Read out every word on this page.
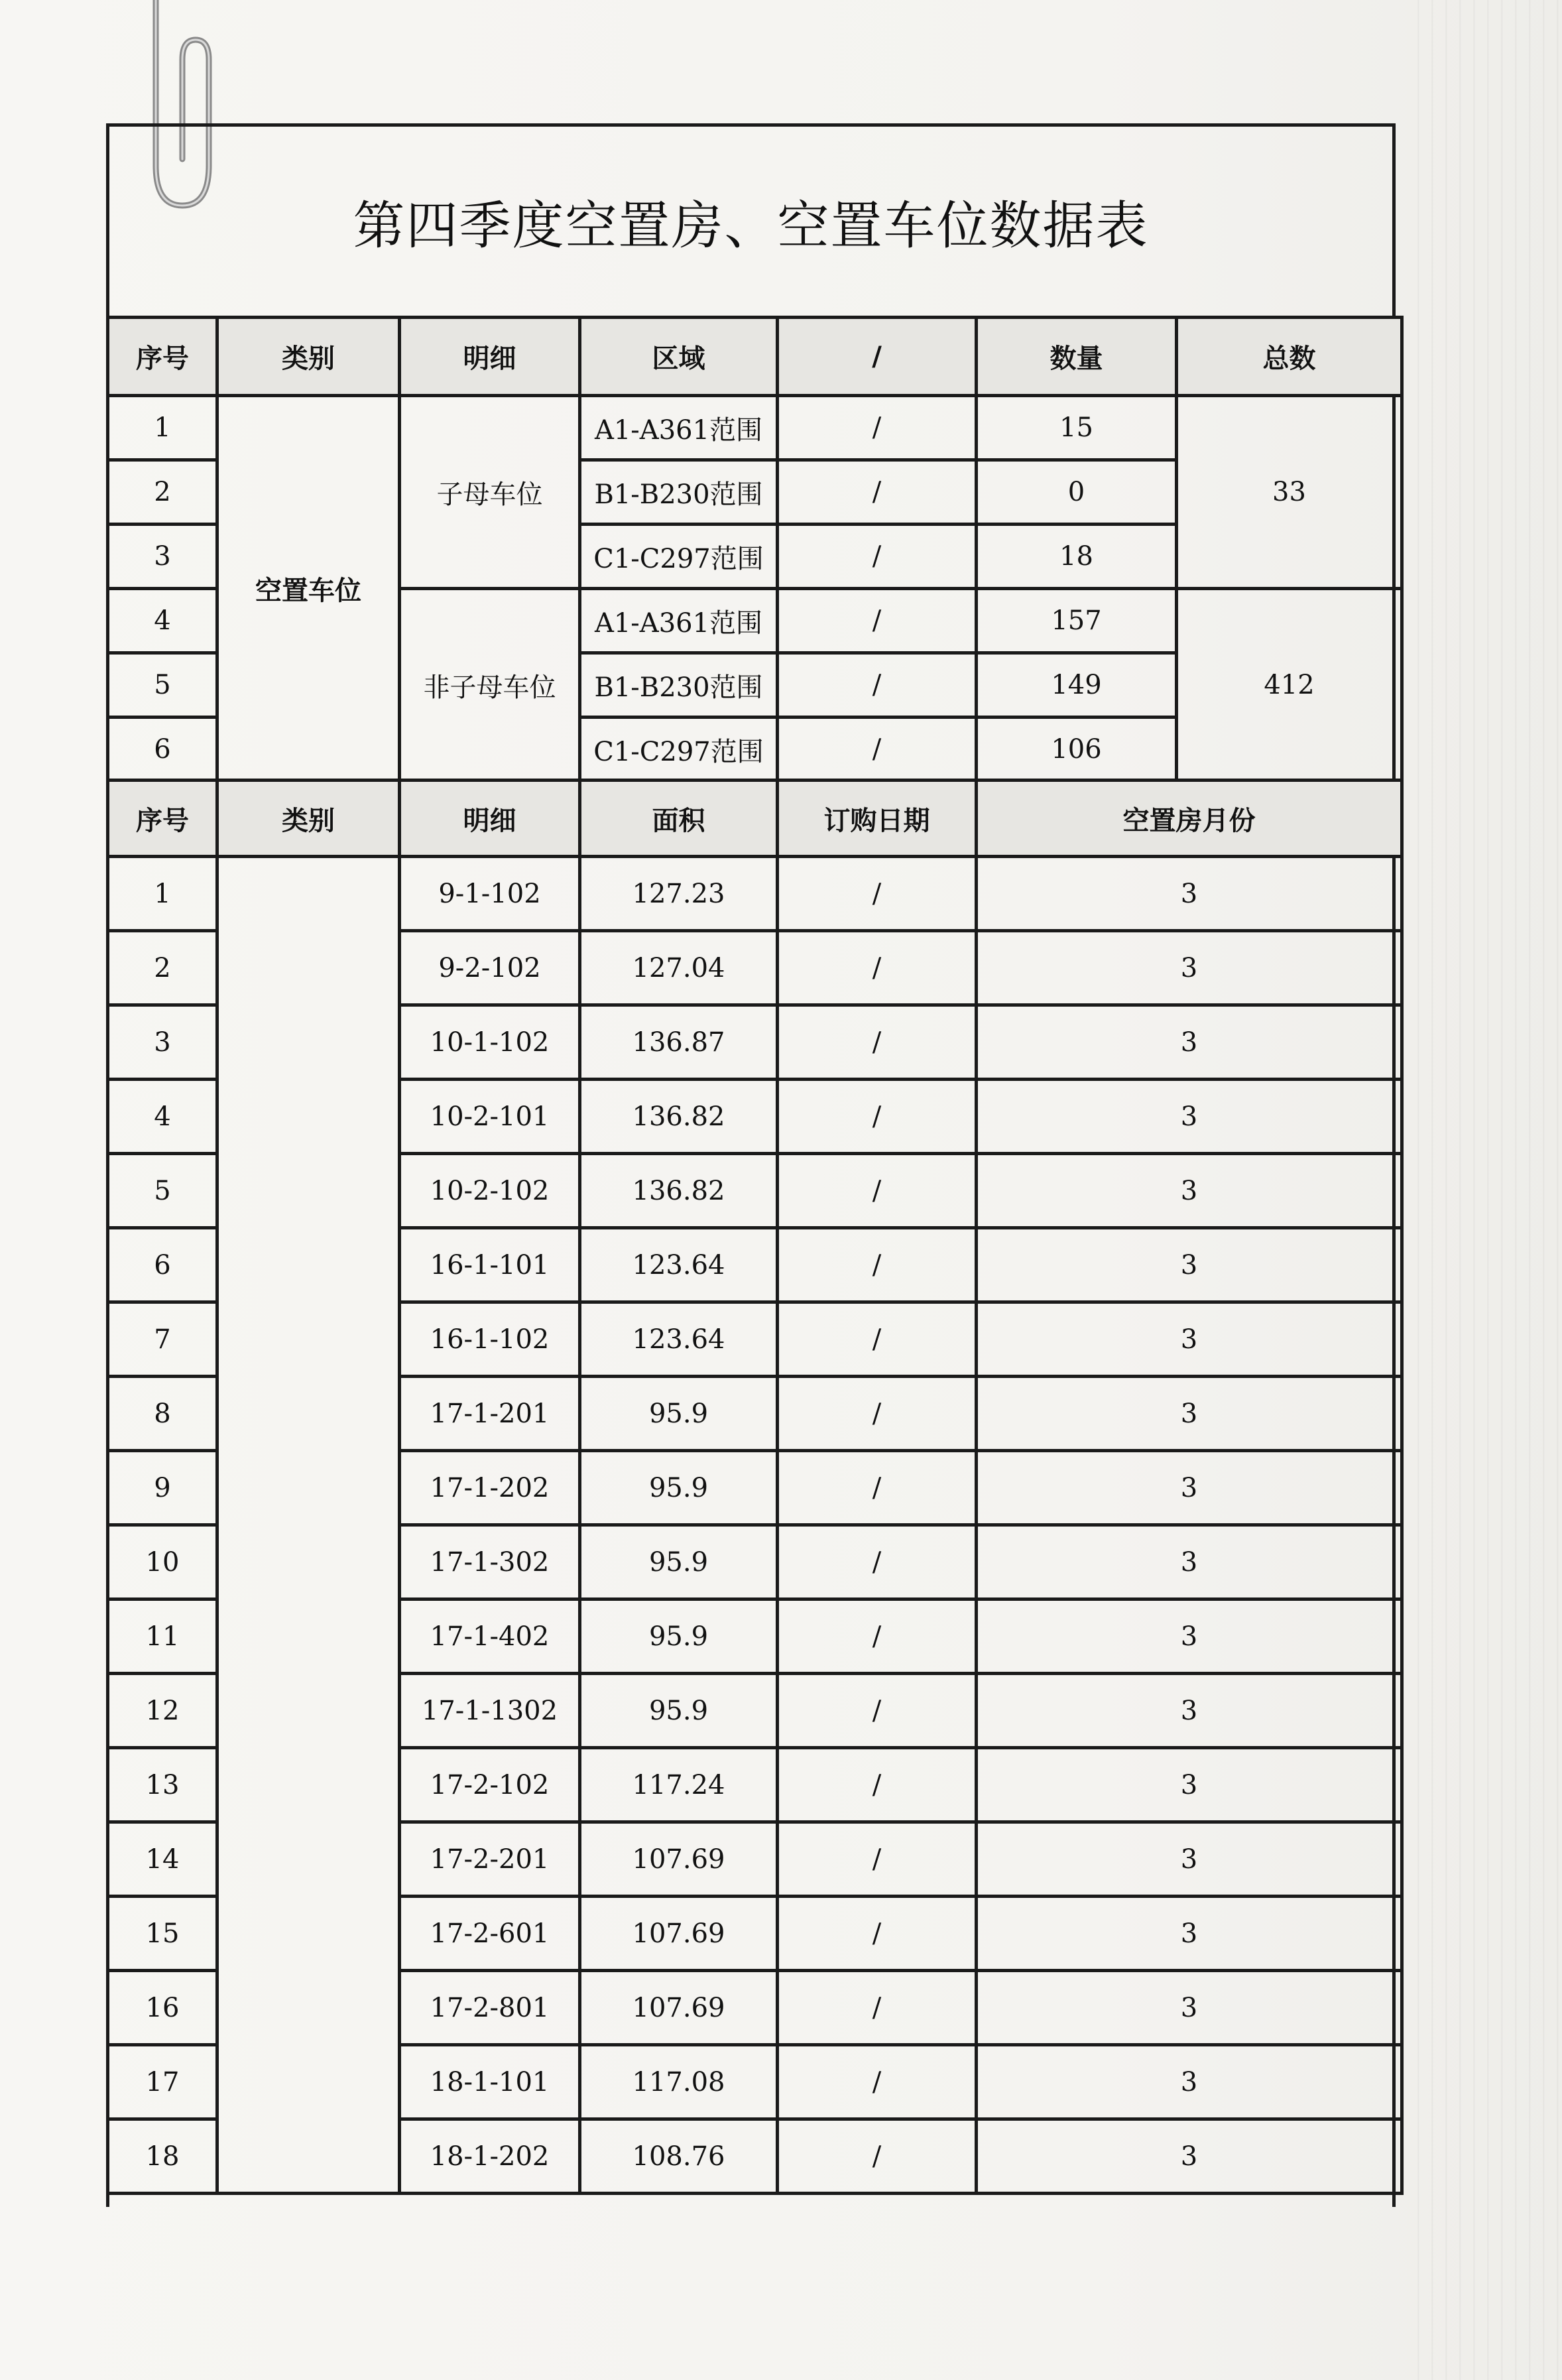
第四季度空置房、空置车位数据表
序号	类别	明细	区域	/	数量	总数
1	空置车位	子母车位	A1-A361范围	/	15	33
2			B1-B230范围	/	0	
3			C1-C297范围	/	18	
4		非子母车位	A1-A361范围	/	157	412
5			B1-B230范围	/	149	
6			C1-C297范围	/	106	
序号	类别	明细	面积	订购日期	空置房月份
1		9-1-102	127.23	/	3
2		9-2-102	127.04	/	3
3		10-1-102	136.87	/	3
4		10-2-101	136.82	/	3
5		10-2-102	136.82	/	3
6		16-1-101	123.64	/	3
7		16-1-102	123.64	/	3
8		17-1-201	95.9	/	3
9		17-1-202	95.9	/	3
10		17-1-302	95.9	/	3
11		17-1-402	95.9	/	3
12		17-1-1302	95.9	/	3
13		17-2-102	117.24	/	3
14		17-2-201	107.69	/	3
15		17-2-601	107.69	/	3
16		17-2-801	107.69	/	3
17		18-1-101	117.08	/	3
18		18-1-202	108.76	/	3
